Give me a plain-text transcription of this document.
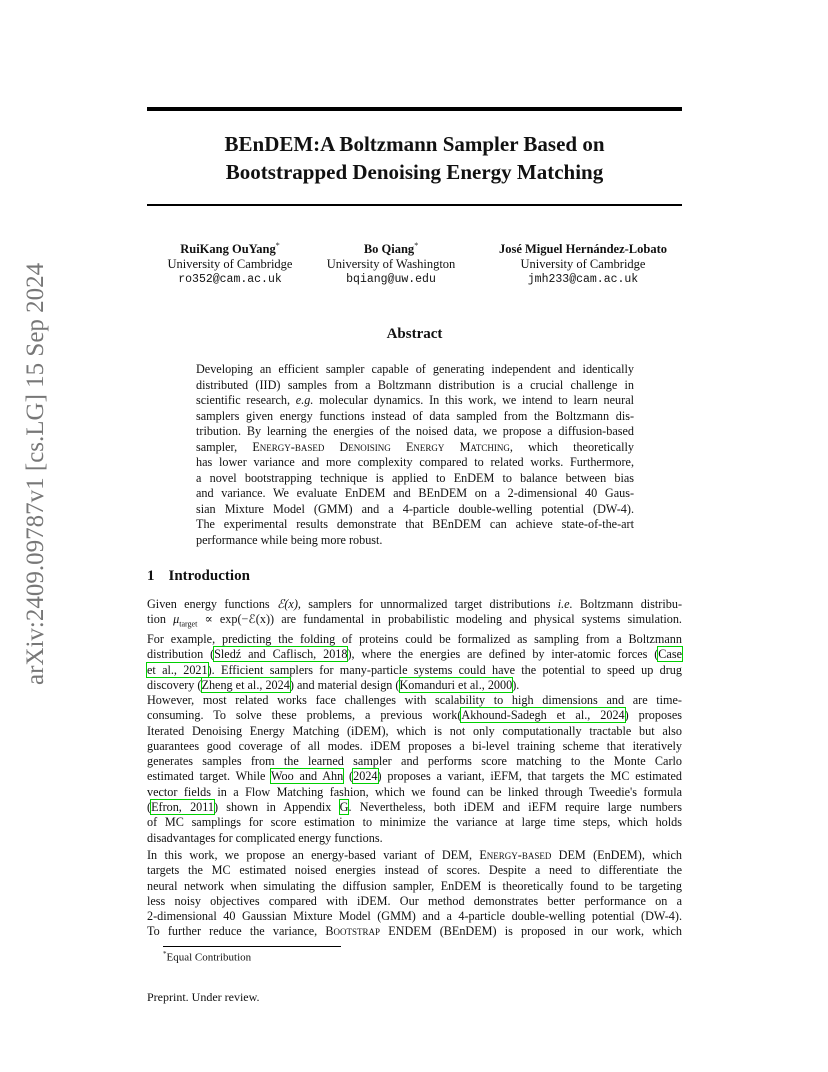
arXiv:2409.09787v1 [cs.LG] 15 Sep 2024
BEnDEM:A Boltzmann Sampler Based on
Bootstrapped Denoising Energy Matching
RuiKang OuYang*
University of Cambridge
ro352@cam.ac.uk
Bo Qiang*
University of Washington
bqiang@uw.edu
José Miguel Hernández-Lobato
University of Cambridge
jmh233@cam.ac.uk
Abstract
Developing an efficient sampler capable of generating independent and identically
distributed (IID) samples from a Boltzmann distribution is a crucial challenge in
scientific research, e.g. molecular dynamics. In this work, we intend to learn neural
samplers given energy functions instead of data sampled from the Boltzmann dis-
tribution. By learning the energies of the noised data, we propose a diffusion-based
sampler, Energy-based Denoising Energy Matching, which theoretically
has lower variance and more complexity compared to related works. Furthermore,
a novel bootstrapping technique is applied to EnDEM to balance between bias
and variance. We evaluate EnDEM and BEnDEM on a 2-dimensional 40 Gaus-
sian Mixture Model (GMM) and a 4-particle double-welling potential (DW-4).
The experimental results demonstrate that BEnDEM can achieve state-of-the-art
performance while being more robust.
1 Introduction
Given energy functions ℰ(x), samplers for unnormalized target distributions i.e. Boltzmann distribu-
tion $\mu_{target}$ ∝ exp(−ℰ(x)) are fundamental in probabilistic modeling and physical systems simulation.
For example, predicting the folding of proteins could be formalized as sampling from a Boltzmann
distribution (Sledź and Caflisch, 2018), where the energies are defined by inter-atomic forces (Case
et al., 2021). Efficient samplers for many-particle systems could have the potential to speed up drug
discovery (Zheng et al., 2024) and material design (Komanduri et al., 2000).
However, most related works face challenges with scalability to high dimensions and are time-
consuming. To solve these problems, a previous work(Akhound-Sadegh et al., 2024) proposes
Iterated Denoising Energy Matching (iDEM), which is not only computationally tractable but also
guarantees good coverage of all modes. iDEM proposes a bi-level training scheme that iteratively
generates samples from the learned sampler and performs score matching to the Monte Carlo
estimated target. While Woo and Ahn (2024) proposes a variant, iEFM, that targets the MC estimated
vector fields in a Flow Matching fashion, which we found can be linked through Tweedie's formula
(Efron, 2011) shown in Appendix G. Nevertheless, both iDEM and iEFM require large numbers
of MC samplings for score estimation to minimize the variance at large time steps, which holds
disadvantages for complicated energy functions.
In this work, we propose an energy-based variant of DEM, Energy-based DEM (EnDEM), which
targets the MC estimated noised energies instead of scores. Despite a need to differentiate the
neural network when simulating the diffusion sampler, EnDEM is theoretically found to be targeting
less noisy objectives compared with iDEM. Our method demonstrates better performance on a
2-dimensional 40 Gaussian Mixture Model (GMM) and a 4-particle double-welling potential (DW-4).
To further reduce the variance, Bootstrap ENDEM (BEnDEM) is proposed in our work, which
*Equal Contribution
Preprint. Under review.
